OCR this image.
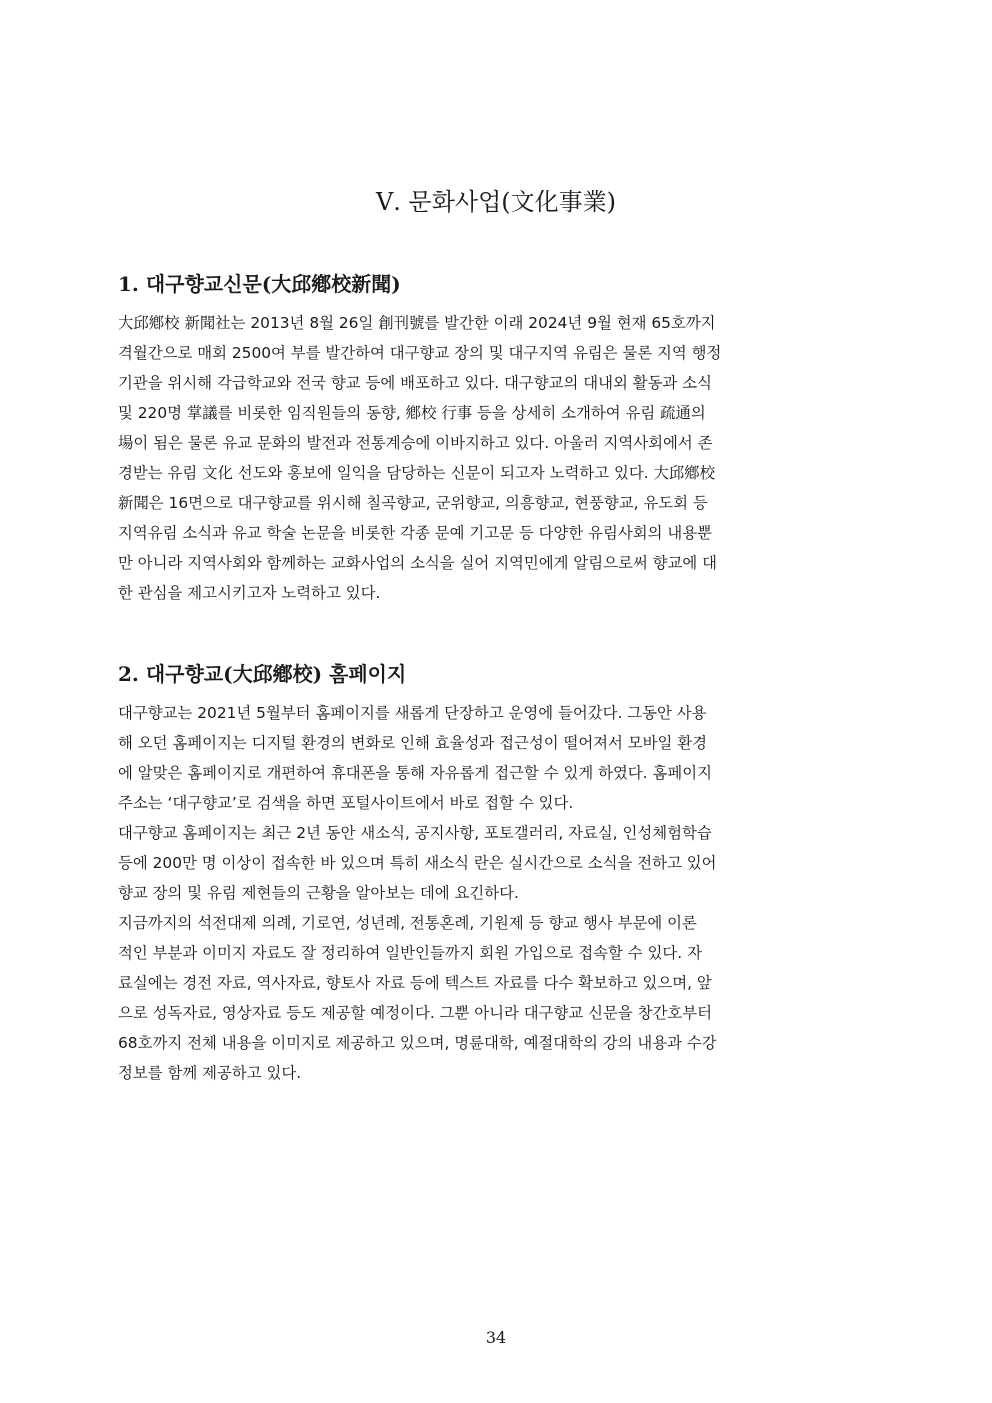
Ⅴ. 문화사업(文化事業)
1. 대구향교신문(大邱鄕校新聞)

大邱鄕校 新聞社는 2013년 8월 26일 創刊號를 발간한 이래 2024년 9월 현재 65호까지
격월간으로 매회 2500여 부를 발간하여 대구향교 장의 및 대구지역 유림은 물론 지역 행정
기관을 위시해 각급학교와 전국 향교 등에 배포하고 있다. 대구향교의 대내외 활동과 소식
및 220명 掌議를 비롯한 임직원들의 동향, 鄕校 行事 등을 상세히 소개하여 유림 疏通의
場이 됨은 물론 유교 문화의 발전과 전통계승에 이바지하고 있다. 아울러 지역사회에서 존
경받는 유림 文化 선도와 홍보에 일익을 담당하는 신문이 되고자 노력하고 있다. 大邱鄕校
新聞은 16면으로 대구향교를 위시해 칠곡향교, 군위향교, 의흥향교, 현풍향교, 유도회 등
지역유림 소식과 유교 학술 논문을 비롯한 각종 문예 기고문 등 다양한 유림사회의 내용뿐
만 아니라 지역사회와 함께하는 교화사업의 소식을 실어 지역민에게 알림으로써 향교에 대
한 관심을 제고시키고자 노력하고 있다.

2. 대구향교(大邱鄕校) 홈페이지

대구향교는 2021년 5월부터 홈페이지를 새롭게 단장하고 운영에 들어갔다. 그동안 사용
해 오던 홈페이지는 디지털 환경의 변화로 인해 효율성과 접근성이 떨어져서 모바일 환경
에 알맞은 홈페이지로 개편하여 휴대폰을 통해 자유롭게 접근할 수 있게 하였다. 홈페이지
주소는 ‘대구향교’로 검색을 하면 포털사이트에서 바로 접할 수 있다.

대구향교 홈페이지는 최근 2년 동안 새소식, 공지사항, 포토갤러리, 자료실, 인성체험학습
등에 200만 명 이상이 접속한 바 있으며 특히 새소식 란은 실시간으로 소식을 전하고 있어
향교 장의 및 유림 제현들의 근황을 알아보는 데에 요긴하다.

지금까지의 석전대제 의례, 기로연, 성년례, 전통혼례, 기원제 등 향교 행사 부문에 이론
적인 부분과 이미지 자료도 잘 정리하여 일반인들까지 회원 가입으로 접속할 수 있다. 자
료실에는 경전 자료, 역사자료, 향토사 자료 등에 텍스트 자료를 다수 확보하고 있으며, 앞
으로 성독자료, 영상자료 등도 제공할 예정이다. 그뿐 아니라 대구향교 신문을 창간호부터
68호까지 전체 내용을 이미지로 제공하고 있으며, 명륜대학, 예절대학의 강의 내용과 수강
정보를 함께 제공하고 있다.

34
